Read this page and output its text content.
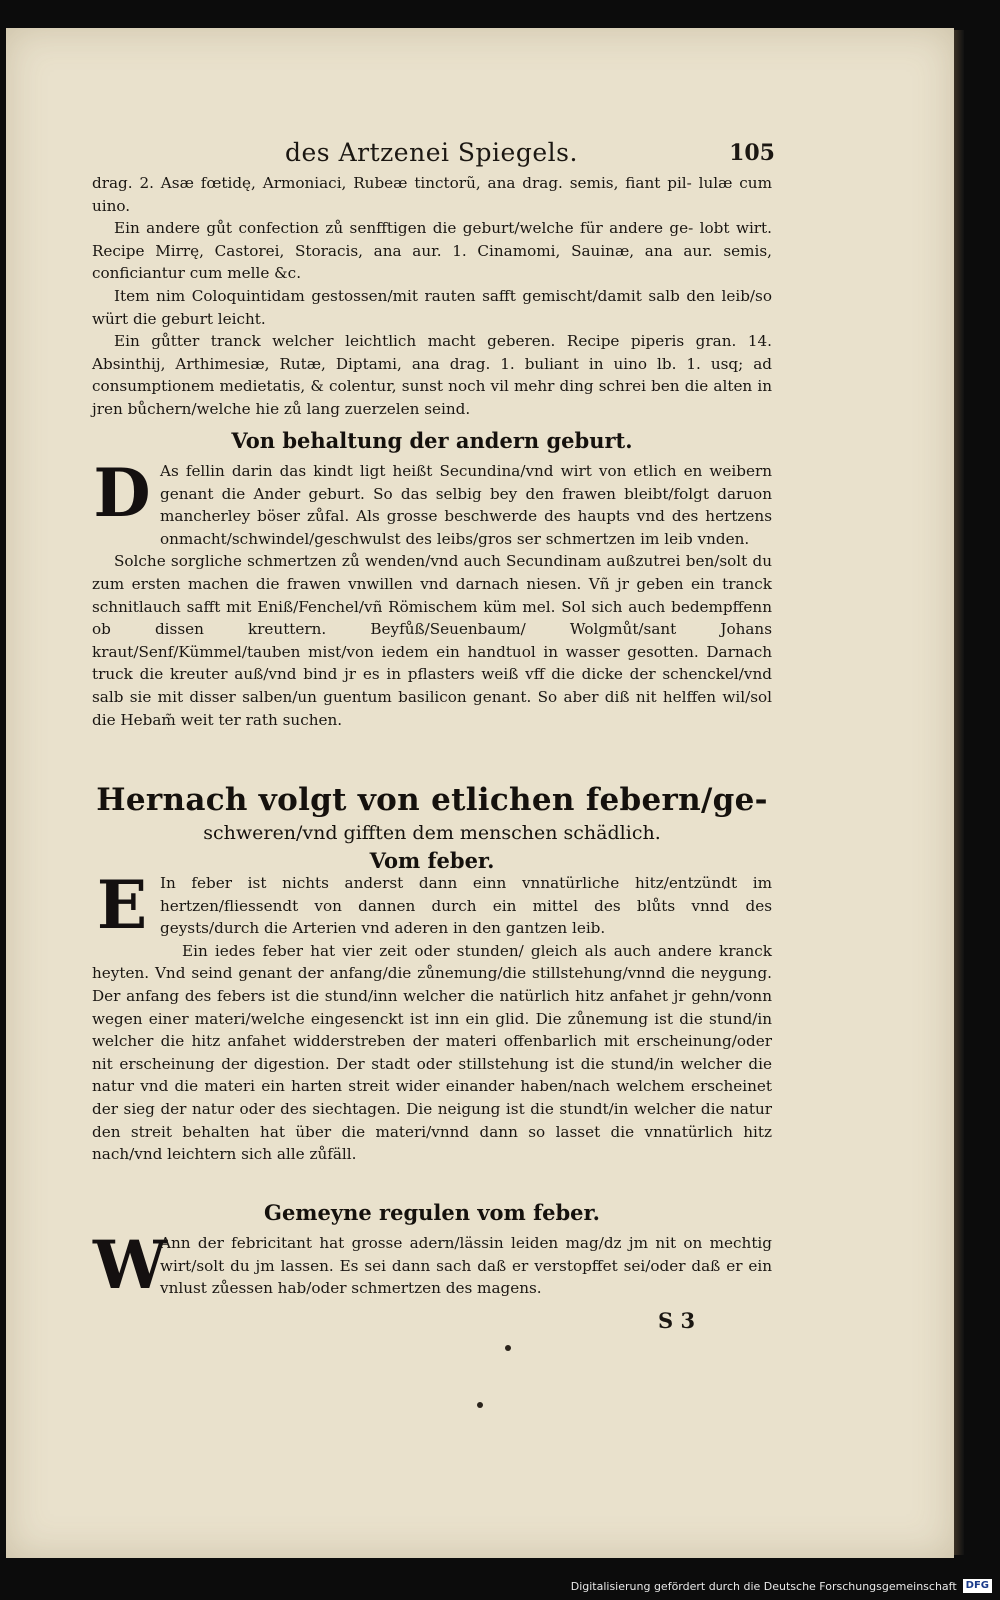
des Artzenei Spiegels.	105

drag. 2. Asæ fœtidę, Armoniaci, Rubeæ tinctorũ, ana drag. semis, fiant pil- lulæ cum uino.

Ein andere gůt confection zů senfftigen die geburt/welche für andere ge- lobt wirt. Recipe Mirrę, Castorei, Storacis, ana aur. 1. Cinamomi, Sauinæ, ana aur. semis, conficiantur cum melle &c.

Item nim Coloquintidam gestossen/mit rauten safft gemischt/damit salb den leib/so würt die geburt leicht.

Ein gůtter tranck welcher leichtlich macht geberen. Recipe piperis gran. 14. Absinthij, Arthimesiæ, Rutæ, Diptami, ana drag. 1. buliant in uino lb. 1. usq; ad consumptionem medietatis, & colentur, sunst noch vil mehr ding schrei ben die alten in jren bůchern/welche hie zů lang zuerzelen seind.

Von behaltung der andern geburt.

D As fellin darin das kindt ligt heißt Secundina/vnd wirt von etlich en weibern genant die Ander geburt. So das selbig bey den frawen bleibt/folgt daruon mancherley böser zůfal. Als grosse beschwerde des haupts vnd des hertzens onmacht/schwindel/geschwulst des leibs/gros ser schmertzen im leib vnden.

Solche sorgliche schmertzen zů wenden/vnd auch Secundinam außzutrei ben/solt du zum ersten machen die frawen vnwillen vnd darnach niesen. Vñ jr geben ein tranck schnitlauch safft mit Eniß/Fenchel/vñ Römischem küm mel. Sol sich auch bedempffenn ob dissen kreuttern. Beyfůß/Seuenbaum/ Wolgmůt/sant Johans kraut/Senf/Kümmel/tauben mist/von iedem ein handtuol in wasser gesotten. Darnach truck die kreuter auß/vnd bind jr es in pflasters weiß vff die dicke der schenckel/vnd salb sie mit disser salben/un guentum basilicon genant. So aber diß nit helffen wil/sol die Hebam̃ weit ter rath suchen.

Hernach volgt von etlichen febern/ge-
schweren/vnd gifften dem menschen schädlich.
Vom feber.

E In feber ist nichts anderst dann einn vnnatürliche hitz/entzündt im hertzen/fliessendt von dannen durch ein mittel des blůts vnnd des geysts/durch die Arterien vnd aderen in den gantzen leib.

Ein iedes feber hat vier zeit oder stunden/ gleich als auch andere kranck heyten. Vnd seind genant der anfang/die zůnemung/die stillstehung/vnnd die neygung. Der anfang des febers ist die stund/inn welcher die natürlich hitz anfahet jr gehn/vonn wegen einer materi/welche eingesenckt ist inn ein glid. Die zůnemung ist die stund/in welcher die hitz anfahet widderstreben der materi offenbarlich mit erscheinung/oder nit erscheinung der digestion. Der stadt oder stillstehung ist die stund/in welcher die natur vnd die materi ein harten streit wider einander haben/nach welchem erscheinet der sieg der natur oder des siechtagen. Die neigung ist die stundt/in welcher die natur den streit behalten hat über die materi/vnnd dann so lasset die vnnatürlich hitz nach/vnd leichtern sich alle zůfäll.

Gemeyne regulen vom feber.

W
Ann der febricitant hat grosse adern/lässin leiden mag/dz jm nit on mechtig wirt/solt du jm lassen. Es sei dann sach daß er verstopffet sei/oder daß er ein vnlust zůessen hab/oder schmertzen des magens.

S 3
Digitalisierung gefördert durch die Deutsche Forschungsgemeinschaft DFG
